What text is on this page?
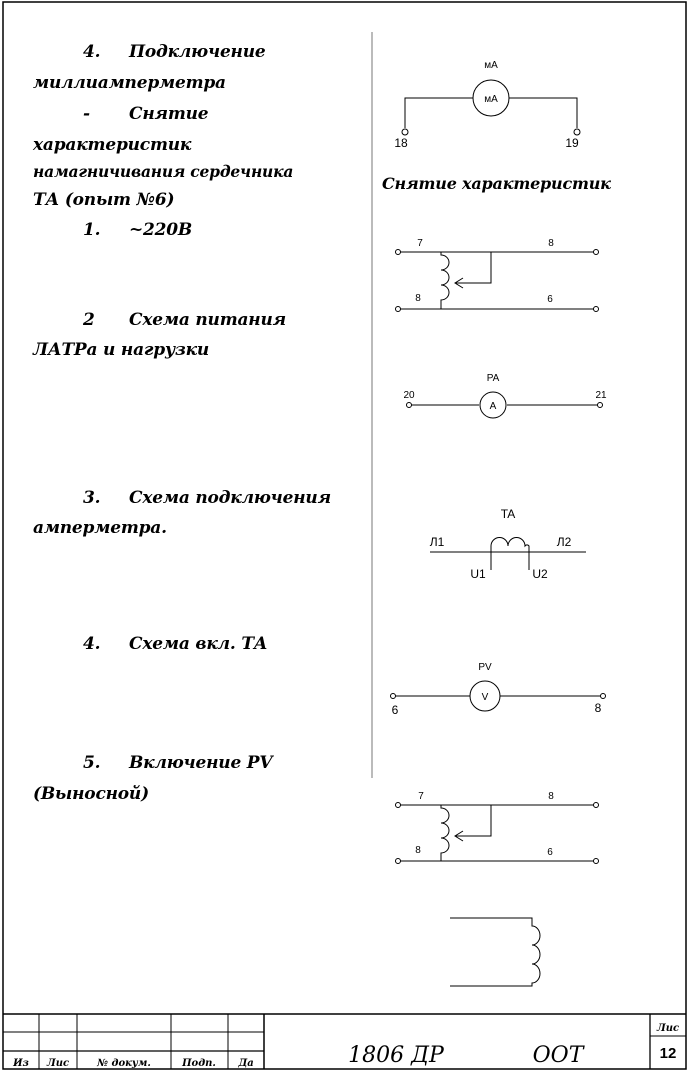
мА
мА
18	19
7
8
8
6
PA
A
20	21
TA
Л1	Л2
U1	U2
PV
V
6	8
7
8
8
6
Из Лис	№ докум.	Подп. Да	1806 ДР	ООТ
Лис
12
4. Подключение
миллиамперметра
- Снятие
характеристик
намагничивания сердечника
ТА (опыт №6)
1. ~220В
2 Схема питания
ЛАТРа и нагрузки
3. Схема подключения
амперметра.
4. Схема вкл. ТА
5. Включение PV
(Выносной)
Снятие характеристик
